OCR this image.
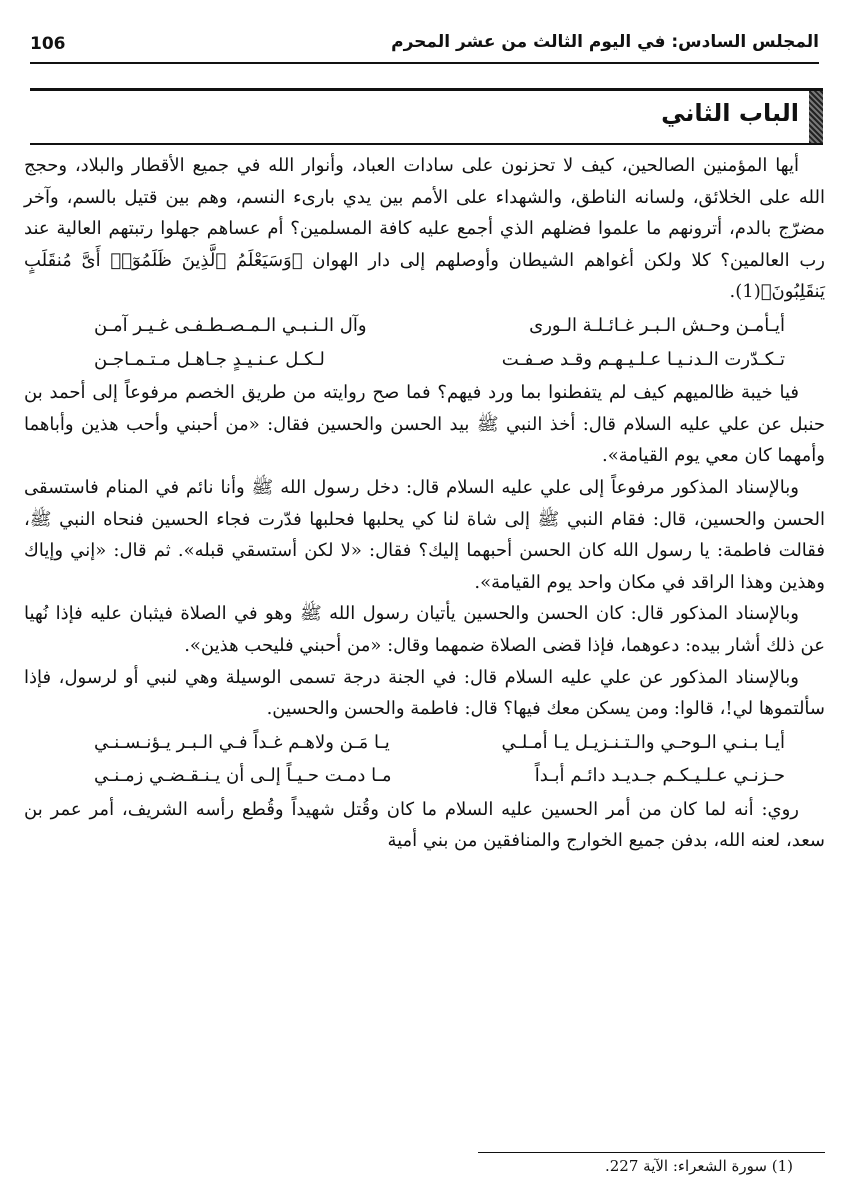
106	المجلس السادس: في اليوم الثالث من عشر المحرم
الباب الثاني

أيها المؤمنين الصالحين، كيف لا تحزنون على سادات العباد، وأنوار الله في جميع الأقطار والبلاد، وحجج الله على الخلائق، ولسانه الناطق، والشهداء على الأمم بين يدي بارىء النسم، وهم بين قتيل بالسم، وآخر مضرّج بالدم، أترونهم ما علموا فضلهم الذي أجمع عليه كافة المسلمين؟ أم عساهم جهلوا رتبتهم العالية عند رب العالمين؟ كلا ولكن أغواهم الشيطان وأوصلهم إلى دار الهوان ﴿وَسَيَعْلَمُ ٱلَّذِينَ ظَلَمُوٓا۟ أَىَّ مُنقَلَبٍ يَنقَلِبُونَ﴾(1).

أيـأمـن وحـش الـبـر غـائـلـة الـورى
وآل الـنـبـي الـمـصـطـفـى غـيـر آمـن
تـكـدّرت الـدنـيـا عـلـيـهـم وقـد صـفـت
لـكـل عـنـيـدٍ جـاهـل مـتـمـاجـن

فيا خيبة ظالميهم كيف لم يتفطنوا بما ورد فيهم؟ فما صح روايته من طريق الخصم مرفوعاً إلى أحمد بن حنبل عن علي عليه السلام قال: أخذ النبي ﷺ بيد الحسن والحسين فقال: «من أحبني وأحب هذين وأباهما وأمهما كان معي يوم القيامة».

وبالإسناد المذكور مرفوعاً إلى علي عليه السلام قال: دخل رسول الله ﷺ وأنا نائم في المنام فاستسقى الحسن والحسين، قال: فقام النبي ﷺ إلى شاة لنا كي يحلبها فحلبها فدّرت فجاء الحسين فنحاه النبي ﷺ، فقالت فاطمة: يا رسول الله كان الحسن أحبهما إليك؟ فقال: «لا لكن أستسقي قبله». ثم قال: «إني وإياك وهذين وهذا الراقد في مكان واحد يوم القيامة».

وبالإسناد المذكور قال: كان الحسن والحسين يأتيان رسول الله ﷺ وهو في الصلاة فيثبان عليه فإذا نُهيا عن ذلك أشار بيده: دعوهما، فإذا قضى الصلاة ضمهما وقال: «من أحبني فليحب هذين».

وبالإسناد المذكور عن علي عليه السلام قال: في الجنة درجة تسمى الوسيلة وهي لنبي أو لرسول، فإذا سألتموها لي!، قالوا: ومن يسكن معك فيها؟ قال: فاطمة والحسن والحسين.

أيـا بـنـي الـوحـي والـتـنـزيـل يـا أمـلـي
يـا مَـن ولاهـم غـداً فـي الـبـر يـؤنـسـنـي
حـزنـي عـلـيـكـم جـديـد دائـم أبـداً
مـا دمـت حـيـاً إلـى أن يـنـقـضـي زمـنـي

روي: أنه لما كان من أمر الحسين عليه السلام ما كان وقُتل شهيداً وقُطع رأسه الشريف، أمر عمر بن سعد، لعنه الله، بدفن جميع الخوارج والمنافقين من بني أمية

(1) سورة الشعراء: الآية 227.
